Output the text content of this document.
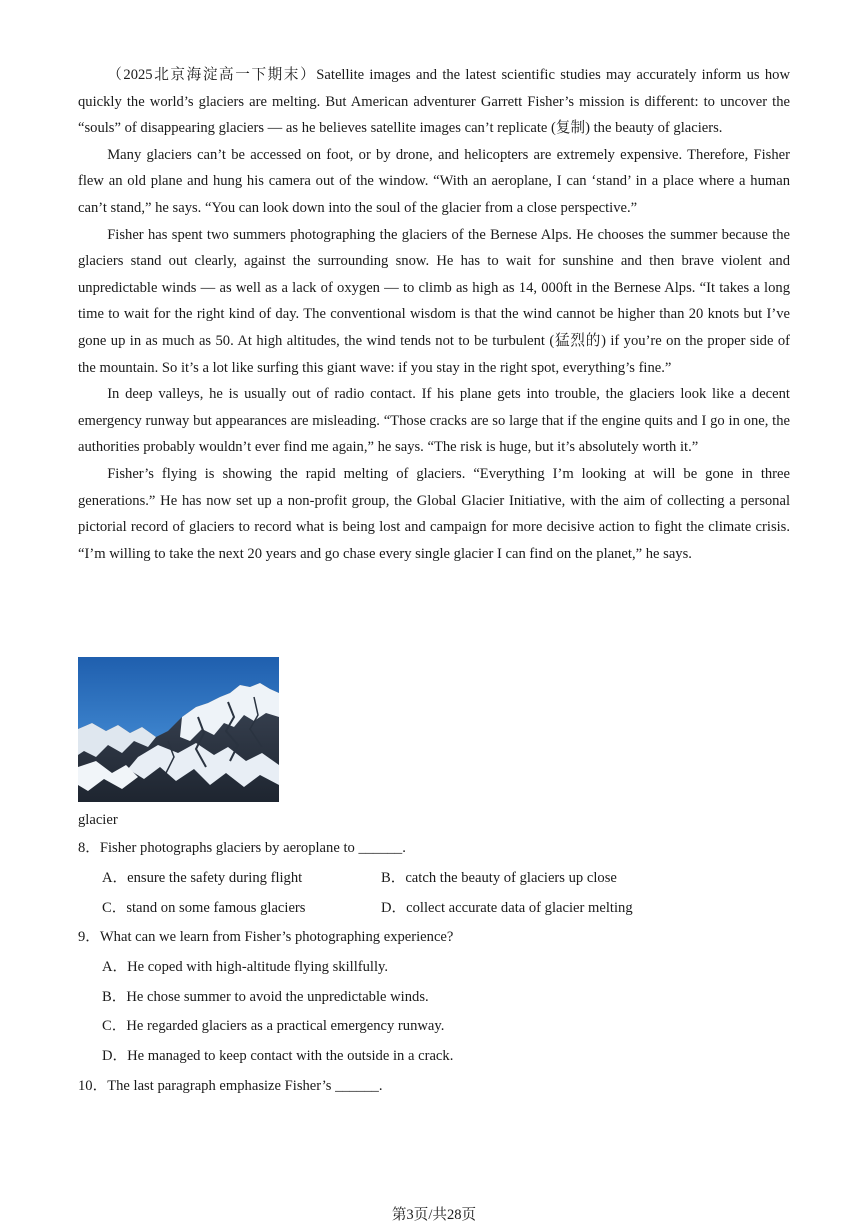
（2025北京海淀高一下期末）Satellite images and the latest scientific studies may accurately inform us how quickly the world’s glaciers are melting. But American adventurer Garrett Fisher’s mission is different: to uncover the “souls” of disappearing glaciers — as he believes satellite images can’t replicate (复制) the beauty of glaciers.

Many glaciers can’t be accessed on foot, or by drone, and helicopters are extremely expensive. Therefore, Fisher flew an old plane and hung his camera out of the window. “With an aeroplane, I can ‘stand’ in a place where a human can’t stand,” he says. “You can look down into the soul of the glacier from a close perspective.”

Fisher has spent two summers photographing the glaciers of the Bernese Alps. He chooses the summer because the glaciers stand out clearly, against the surrounding snow. He has to wait for sunshine and then brave violent and unpredictable winds — as well as a lack of oxygen — to climb as high as 14, 000ft in the Bernese Alps. “It takes a long time to wait for the right kind of day. The conventional wisdom is that the wind cannot be higher than 20 knots but I’ve gone up in as much as 50. At high altitudes, the wind tends not to be turbulent (猛烈的) if you’re on the proper side of the mountain. So it’s a lot like surfing this giant wave: if you stay in the right spot, everything’s fine.”

In deep valleys, he is usually out of radio contact. If his plane gets into trouble, the glaciers look like a decent emergency runway but appearances are misleading. “Those cracks are so large that if the engine quits and I go in one, the authorities probably wouldn’t ever find me again,” he says. “The risk is huge, but it’s absolutely worth it.”

Fisher’s flying is showing the rapid melting of glaciers. “Everything I’m looking at will be gone in three generations.” He has now set up a non-profit group, the Global Glacier Initiative, with the aim of collecting a personal pictorial record of glaciers to record what is being lost and campaign for more decisive action to fight the climate crisis. “I’m willing to take the next 20 years and go chase every single glacier I can find on the planet,” he says.

glacier

8．Fisher photographs glaciers by aeroplane to ______.

A．ensure the safety during flight	B．catch the beauty of glaciers up close

C．stand on some famous glaciers	D．collect accurate data of glacier melting

9．What can we learn from Fisher’s photographing experience?

A．He coped with high-altitude flying skillfully.

B．He chose summer to avoid the unpredictable winds.

C．He regarded glaciers as a practical emergency runway.

D．He managed to keep contact with the outside in a crack.

10．The last paragraph emphasize Fisher’s ______.

第3页/共28页
